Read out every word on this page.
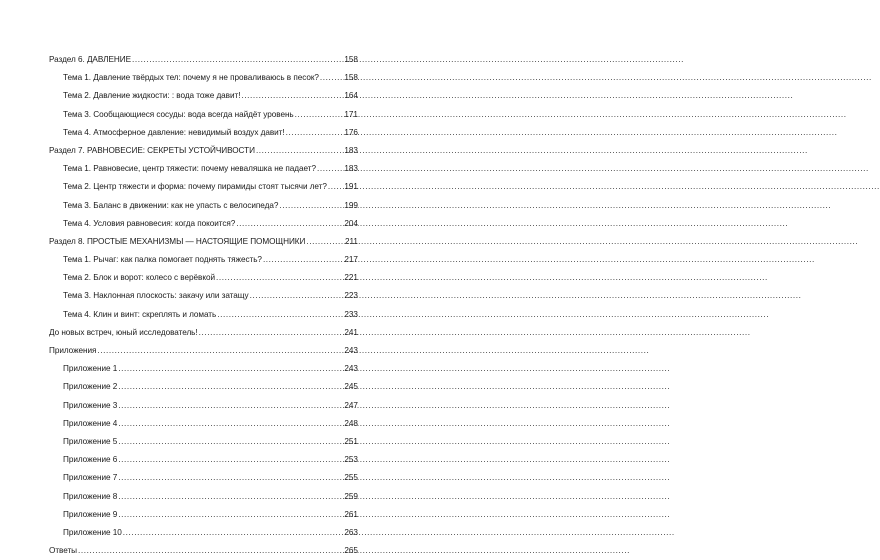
Раздел 6. ДАВЛЕНИЕ .....	158
Тема 1. Давление твёрдых тел: почему я не проваливаюсь в песок? .....	158
Тема 2. Давление жидкости: : вода тоже давит! .....	164
Тема 3. Сообщающиеся сосуды: вода всегда найдёт уровень .....	171
Тема 4. Атмосферное давление: невидимый воздух давит! .....	176
Раздел 7. РАВНОВЕСИЕ: СЕКРЕТЫ УСТОЙЧИВОСТИ .....	183
Тема 1. Равновесие, центр тяжести: почему неваляшка не падает? .....	183
Тема 2. Центр тяжести и форма: почему пирамиды стоят тысячи лет? ..... 191
Тема 3. Баланс в движении: как не упасть с велосипеда? .....	199
Тема 4. Условия равновесия: когда покоится? .....	204
Раздел 8. ПРОСТЫЕ МЕХАНИЗМЫ — НАСТОЯЩИЕ ПОМОЩНИКИ .....	211
Тема 1. Рычаг: как палка помогает поднять тяжесть? .....	217
Тема 2. Блок и ворот: колесо с верёвкой .....	221
Тема 3. Наклонная плоскость: закачу или затащу .....	223
Тема 4. Клин и винт: скреплять и ломать .....	233
До новых встреч, юный исследователь! .....	241
Приложения .....	243
Приложение 1 .....	243
Приложение 2 .....	245
Приложение 3 .....	247
Приложение 4 .....	248
Приложение 5 .....	251
Приложение 6 .....	253
Приложение 7 .....	255
Приложение 8 .....	259
Приложение 9 .....	261
Приложение 10 .....	263
Ответы .....	265
